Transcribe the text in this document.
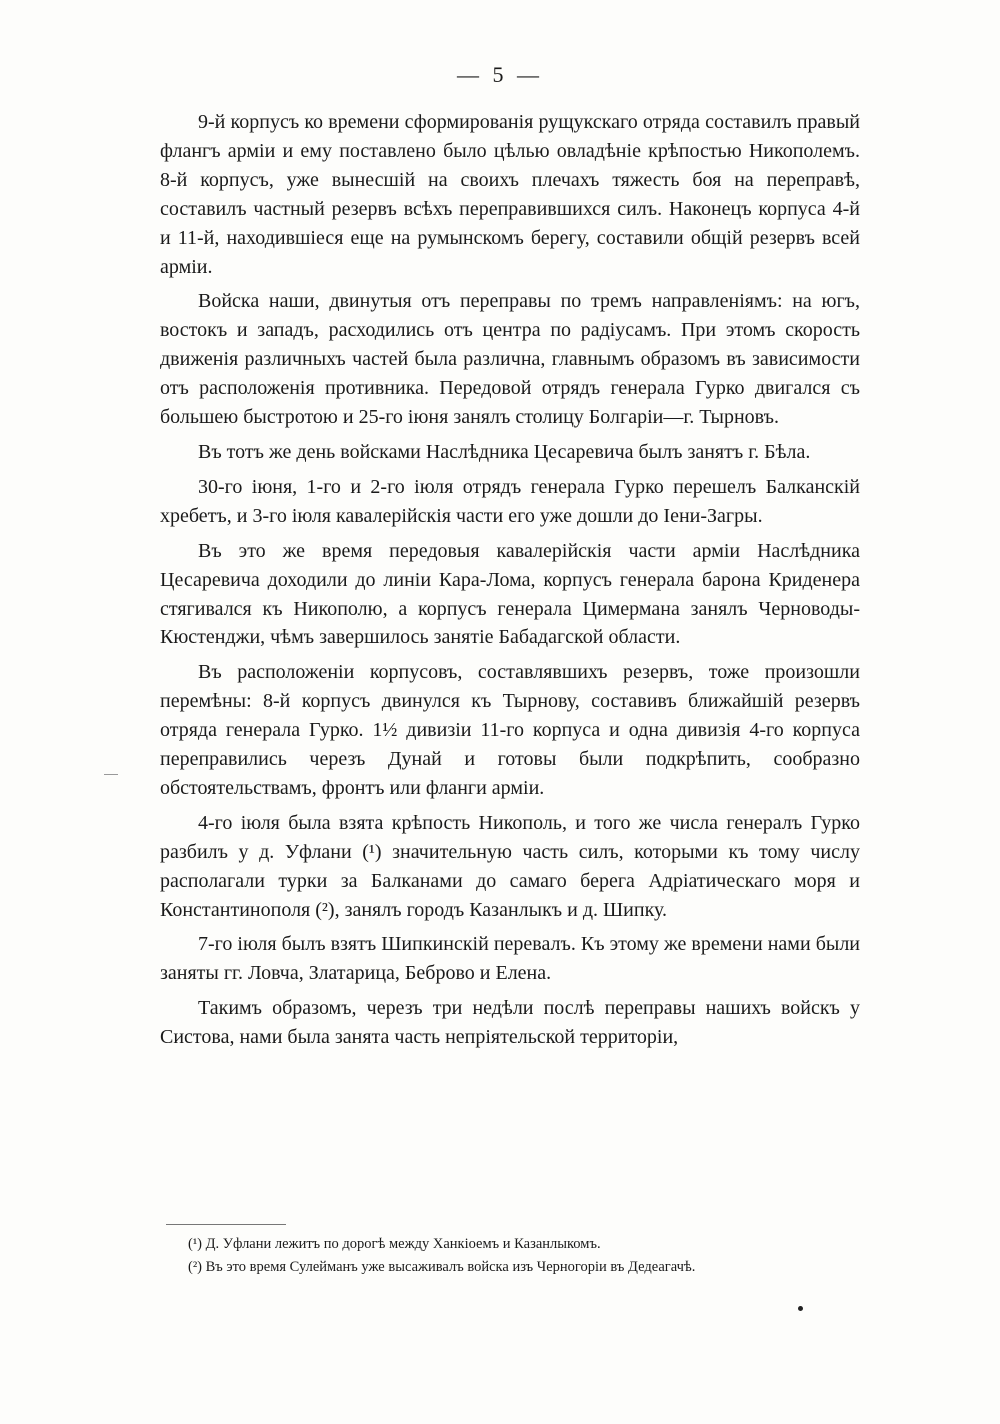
— 5 —

9-й корпусъ ко времени сформированія рущукскаго отряда составилъ правый флангъ арміи и ему поставлено было цѣлью овладѣніе крѣпостью Никополемъ. 8-й корпусъ, уже вынесшій на своихъ плечахъ тяжесть боя на переправѣ, составилъ частный резервъ всѣхъ переправившихся силъ. Наконецъ корпуса 4-й и 11-й, находившіеся еще на румынскомъ берегу, составили общій резервъ всей арміи.

Войска наши, двинутыя отъ переправы по тремъ направленіямъ: на югъ, востокъ и западъ, расходились отъ центра по радіусамъ. При этомъ скорость движенія различныхъ частей была различна, главнымъ образомъ въ зависимости отъ расположенія противника. Передовой отрядъ генерала Гурко двигался съ большею быстротою и 25-го іюня занялъ столицу Болгаріи—г. Тырновъ.

Въ тотъ же день войсками Наслѣдника Цесаревича былъ занятъ г. Бѣла.

30-го іюня, 1-го и 2-го іюля отрядъ генерала Гурко перешелъ Балканскій хребетъ, и 3-го іюля кавалерійскія части его уже дошли до Іени-Загры.

Въ это же время передовыя кавалерійскія части арміи Наслѣдника Цесаревича доходили до линіи Кара-Лома, корпусъ генерала барона Криденера стягивался къ Никополю, а корпусъ генерала Цимермана занялъ Черноводы-Кюстенджи, чѣмъ завершилось занятіе Бабадагской области.

Въ расположеніи корпусовъ, составлявшихъ резервъ, тоже произошли перемѣны: 8-й корпусъ двинулся къ Тырнову, составивъ ближайшій резервъ отряда генерала Гурко. 1½ дивизіи 11-го корпуса и одна дивизія 4-го корпуса переправились черезъ Дунай и готовы были подкрѣпить, сообразно обстоятельствамъ, фронтъ или фланги арміи.

4-го іюля была взята крѣпость Никополь, и того же числа генералъ Гурко разбилъ у д. Уфлани (¹) значительную часть силъ, которыми къ тому числу располагали турки за Балканами до самаго берега Адріатическаго моря и Константинополя (²), занялъ городъ Казанлыкъ и д. Шипку.

7-го іюля былъ взятъ Шипкинскій перевалъ. Къ этому же времени нами были заняты гг. Ловча, Златарица, Беброво и Елена.

Такимъ образомъ, черезъ три недѣли послѣ переправы нашихъ войскъ у Систова, нами была занята часть непріятельской территоріи,

(¹) Д. Уфлани лежитъ по дорогѣ между Ханкіоемъ и Казанлыкомъ.

(²) Въ это время Сулейманъ уже высаживалъ войска изъ Черногоріи въ Дедеагачѣ.
